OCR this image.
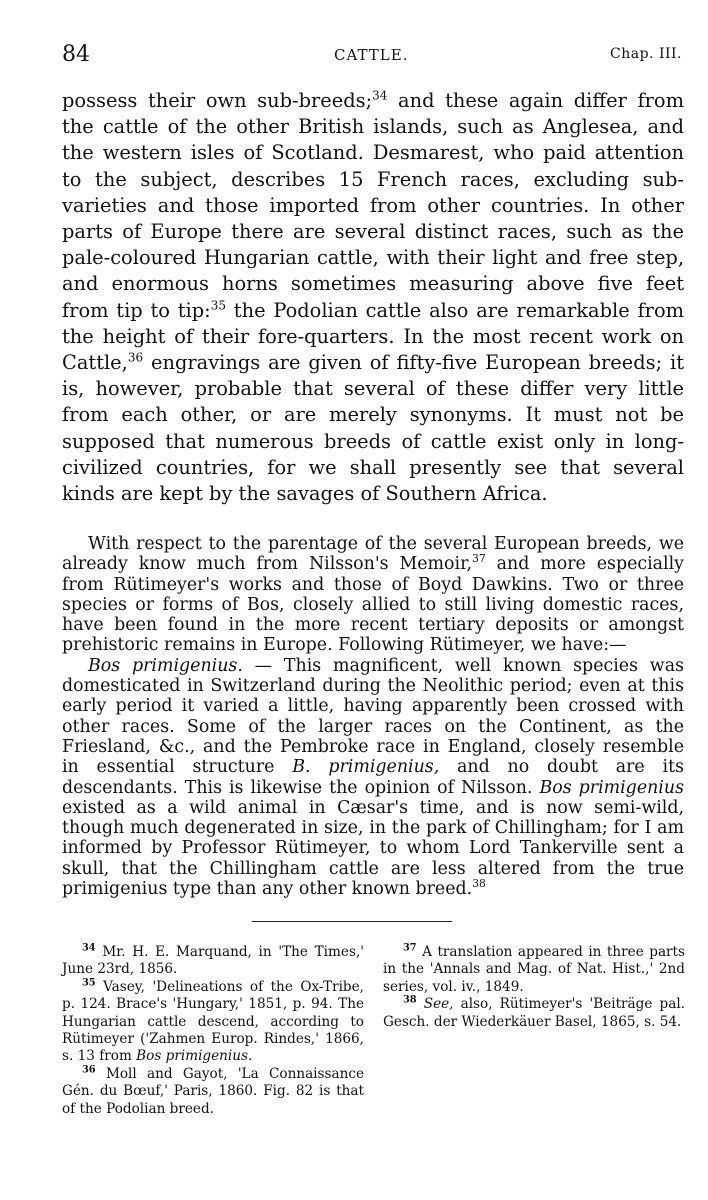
84	CATTLE.	Chap. III.

possess their own sub-breeds;$^{34}$ and these again differ from the cattle of the other British islands, such as Anglesea, and the western isles of Scotland. Desmarest, who paid attention to the subject, describes 15 French races, excluding sub-varieties and those imported from other countries. In other parts of Europe there are several distinct races, such as the pale-coloured Hungarian cattle, with their light and free step, and enormous horns sometimes measuring above five feet from tip to tip:$^{35}$ the Podolian cattle also are remarkable from the height of their fore-quarters. In the most recent work on Cattle,$^{36}$ engravings are given of fifty-five European breeds; it is, however, probable that several of these differ very little from each other, or are merely synonyms. It must not be supposed that numerous breeds of cattle exist only in long-civilized countries, for we shall presently see that several kinds are kept by the savages of Southern Africa.

With respect to the parentage of the several European breeds, we already know much from Nilsson's Memoir,$^{37}$ and more especially from Rütimeyer's works and those of Boyd Dawkins. Two or three species or forms of Bos, closely allied to still living domestic races, have been found in the more recent tertiary deposits or amongst prehistoric remains in Europe. Following Rütimeyer, we have:—

Bos primigenius. — This magnificent, well known species was domesticated in Switzerland during the Neolithic period; even at this early period it varied a little, having apparently been crossed with other races. Some of the larger races on the Continent, as the Friesland, &c., and the Pembroke race in England, closely resemble in essential structure B. primigenius, and no doubt are its descendants. This is likewise the opinion of Nilsson. Bos primigenius existed as a wild animal in Cæsar's time, and is now semi-wild, though much degenerated in size, in the park of Chillingham; for I am informed by Professor Rütimeyer, to whom Lord Tankerville sent a skull, that the Chillingham cattle are less altered from the true primigenius type than any other known breed.$^{38}$

$^{34}$ Mr. H. E. Marquand, in 'The Times,' June 23rd, 1856.

$^{35}$ Vasey, 'Delineations of the Ox-Tribe, p. 124. Brace's 'Hungary,' 1851, p. 94. The Hungarian cattle descend, according to Rütimeyer ('Zahmen Europ. Rindes,' 1866, s. 13 from Bos primigenius.

$^{36}$ Moll and Gayot, 'La Connaissance Gén. du Bœuf,' Paris, 1860. Fig. 82 is that of the Podolian breed.

$^{37}$ A translation appeared in three parts in the 'Annals and Mag. of Nat. Hist.,' 2nd series, vol. iv., 1849.

$^{38}$ See, also, Rütimeyer's 'Beiträge pal. Gesch. der Wiederkäuer Basel, 1865, s. 54.
